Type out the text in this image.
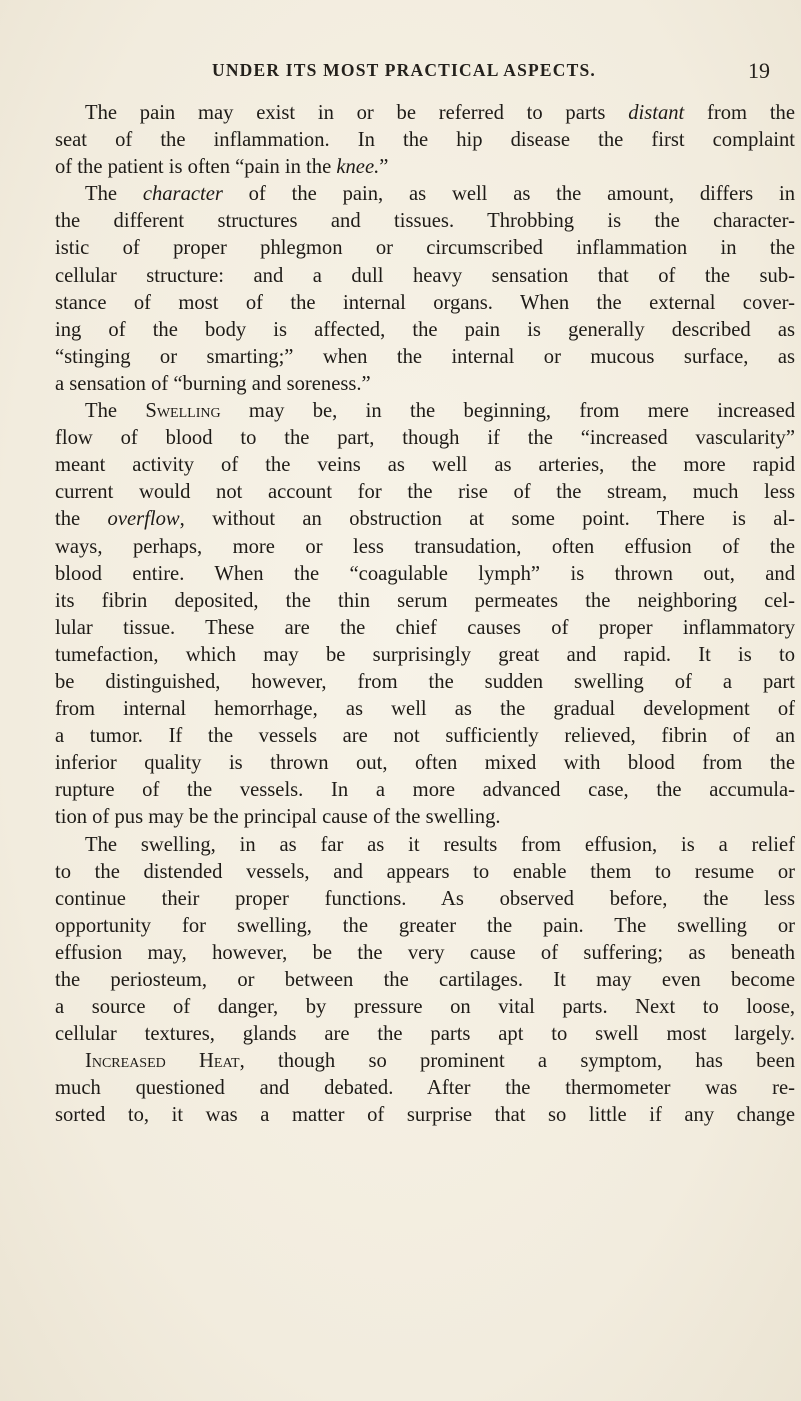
UNDER ITS MOST PRACTICAL ASPECTS.	19
The pain may exist in or be referred to parts distant from the
seat of the inflammation. In the hip disease the first complaint
of the patient is often “pain in the knee.”
The character of the pain, as well as the amount, differs in
the different structures and tissues. Throbbing is the character-
istic of proper phlegmon or circumscribed inflammation in the
cellular structure: and a dull heavy sensation that of the sub-
stance of most of the internal organs. When the external cover-
ing of the body is affected, the pain is generally described as
“stinging or smarting;” when the internal or mucous surface, as
a sensation of “burning and soreness.”
The Swelling may be, in the beginning, from mere increased
flow of blood to the part, though if the “increased vascularity”
meant activity of the veins as well as arteries, the more rapid
current would not account for the rise of the stream, much less
the overflow, without an obstruction at some point. There is al-
ways, perhaps, more or less transudation, often effusion of the
blood entire. When the “coagulable lymph” is thrown out, and
its fibrin deposited, the thin serum permeates the neighboring cel-
lular tissue. These are the chief causes of proper inflammatory
tumefaction, which may be surprisingly great and rapid. It is to
be distinguished, however, from the sudden swelling of a part
from internal hemorrhage, as well as the gradual development of
a tumor. If the vessels are not sufficiently relieved, fibrin of an
inferior quality is thrown out, often mixed with blood from the
rupture of the vessels. In a more advanced case, the accumula-
tion of pus may be the principal cause of the swelling.
The swelling, in as far as it results from effusion, is a relief
to the distended vessels, and appears to enable them to resume or
continue their proper functions. As observed before, the less
opportunity for swelling, the greater the pain. The swelling or
effusion may, however, be the very cause of suffering; as beneath
the periosteum, or between the cartilages. It may even become
a source of danger, by pressure on vital parts. Next to loose,
cellular textures, glands are the parts apt to swell most largely.
Increased Heat, though so prominent a symptom, has been
much questioned and debated. After the thermometer was re-
sorted to, it was a matter of surprise that so little if any change
